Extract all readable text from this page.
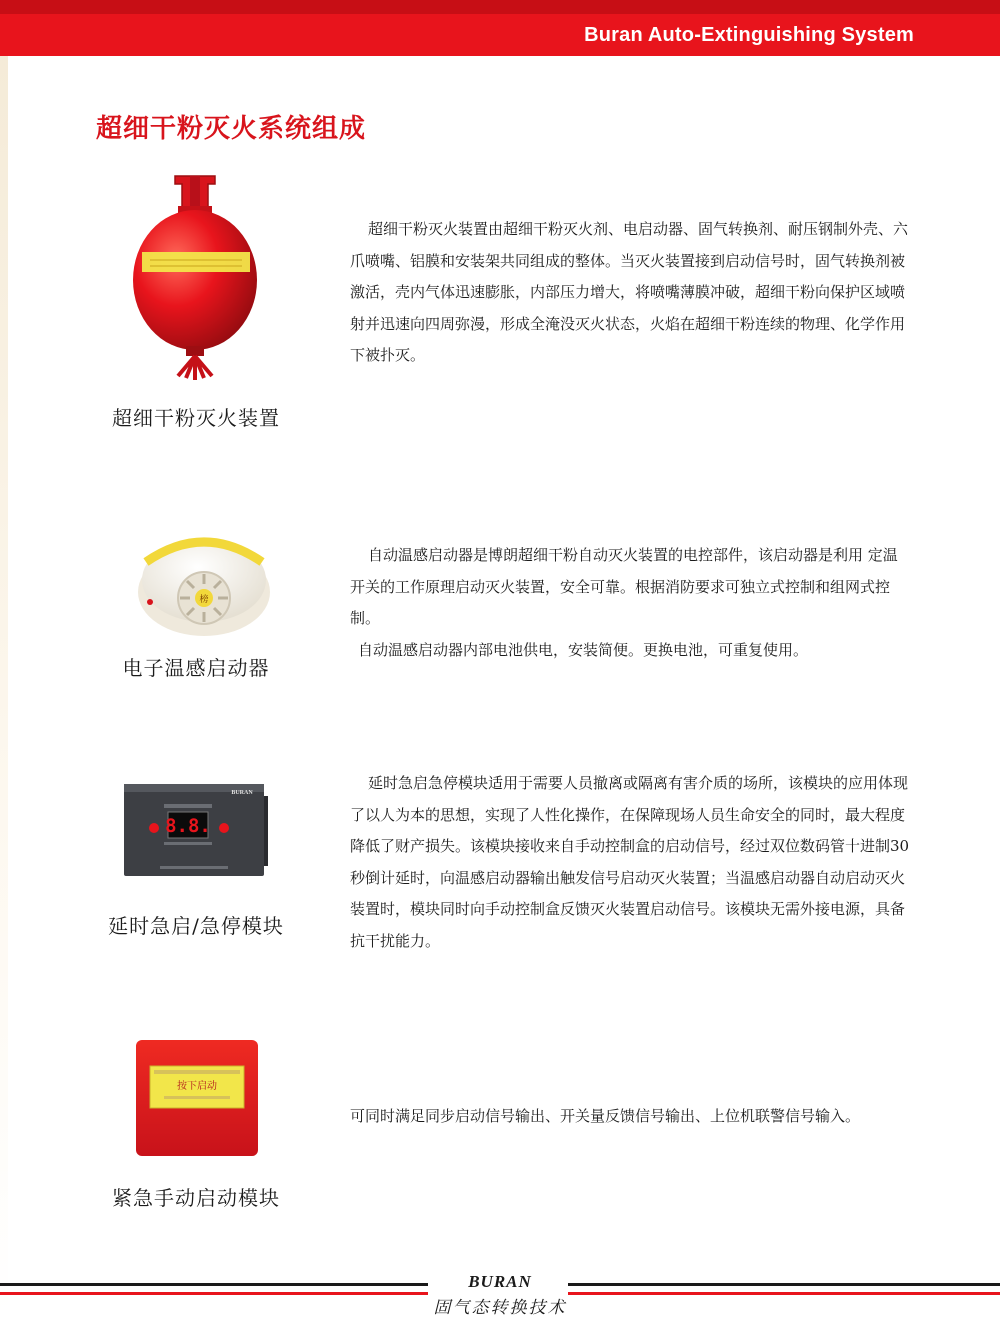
Buran Auto-Extinguishing System
超细干粉灭火系统组成
超细干粉灭火装置

超细干粉灭火装置由超细干粉灭火剂、电启动器、固气转换剂、耐压钢制外壳、六爪喷嘴、铝膜和安装架共同组成的整体。当灭火装置接到启动信号时，固气转换剂被激活，壳内气体迅速膨胀，内部压力增大，将喷嘴薄膜冲破，超细干粉向保护区域喷射并迅速向四周弥漫，形成全淹没灭火状态，火焰在超细干粉连续的物理、化学作用下被扑灭。

榜
电子温感启动器

自动温感启动器是博朗超细干粉自动灭火装置的电控部件，该启动器是利用 定温开关的工作原理启动灭火装置，安全可靠。根据消防要求可独立式控制和组网式控制。

自动温感启动器内部电池供电，安装简便。更换电池，可重复使用。

BURAN
8.8.
延时急启/急停模块

延时急启急停模块适用于需要人员撤离或隔离有害介质的场所，该模块的应用体现了以人为本的思想，实现了人性化操作，在保障现场人员生命安全的同时，最大程度降低了财产损失。该模块接收来自手动控制盒的启动信号，经过双位数码管十进制30秒倒计延时，向温感启动器输出触发信号启动灭火装置；当温感启动器自动启动灭火装置时，模块同时向手动控制盒反馈灭火装置启动信号。该模块无需外接电源，具备抗干扰能力。

按下启动
紧急手动启动模块

可同时满足同步启动信号输出、开关量反馈信号输出、上位机联警信号输入。

BURAN
固气态转换技术
